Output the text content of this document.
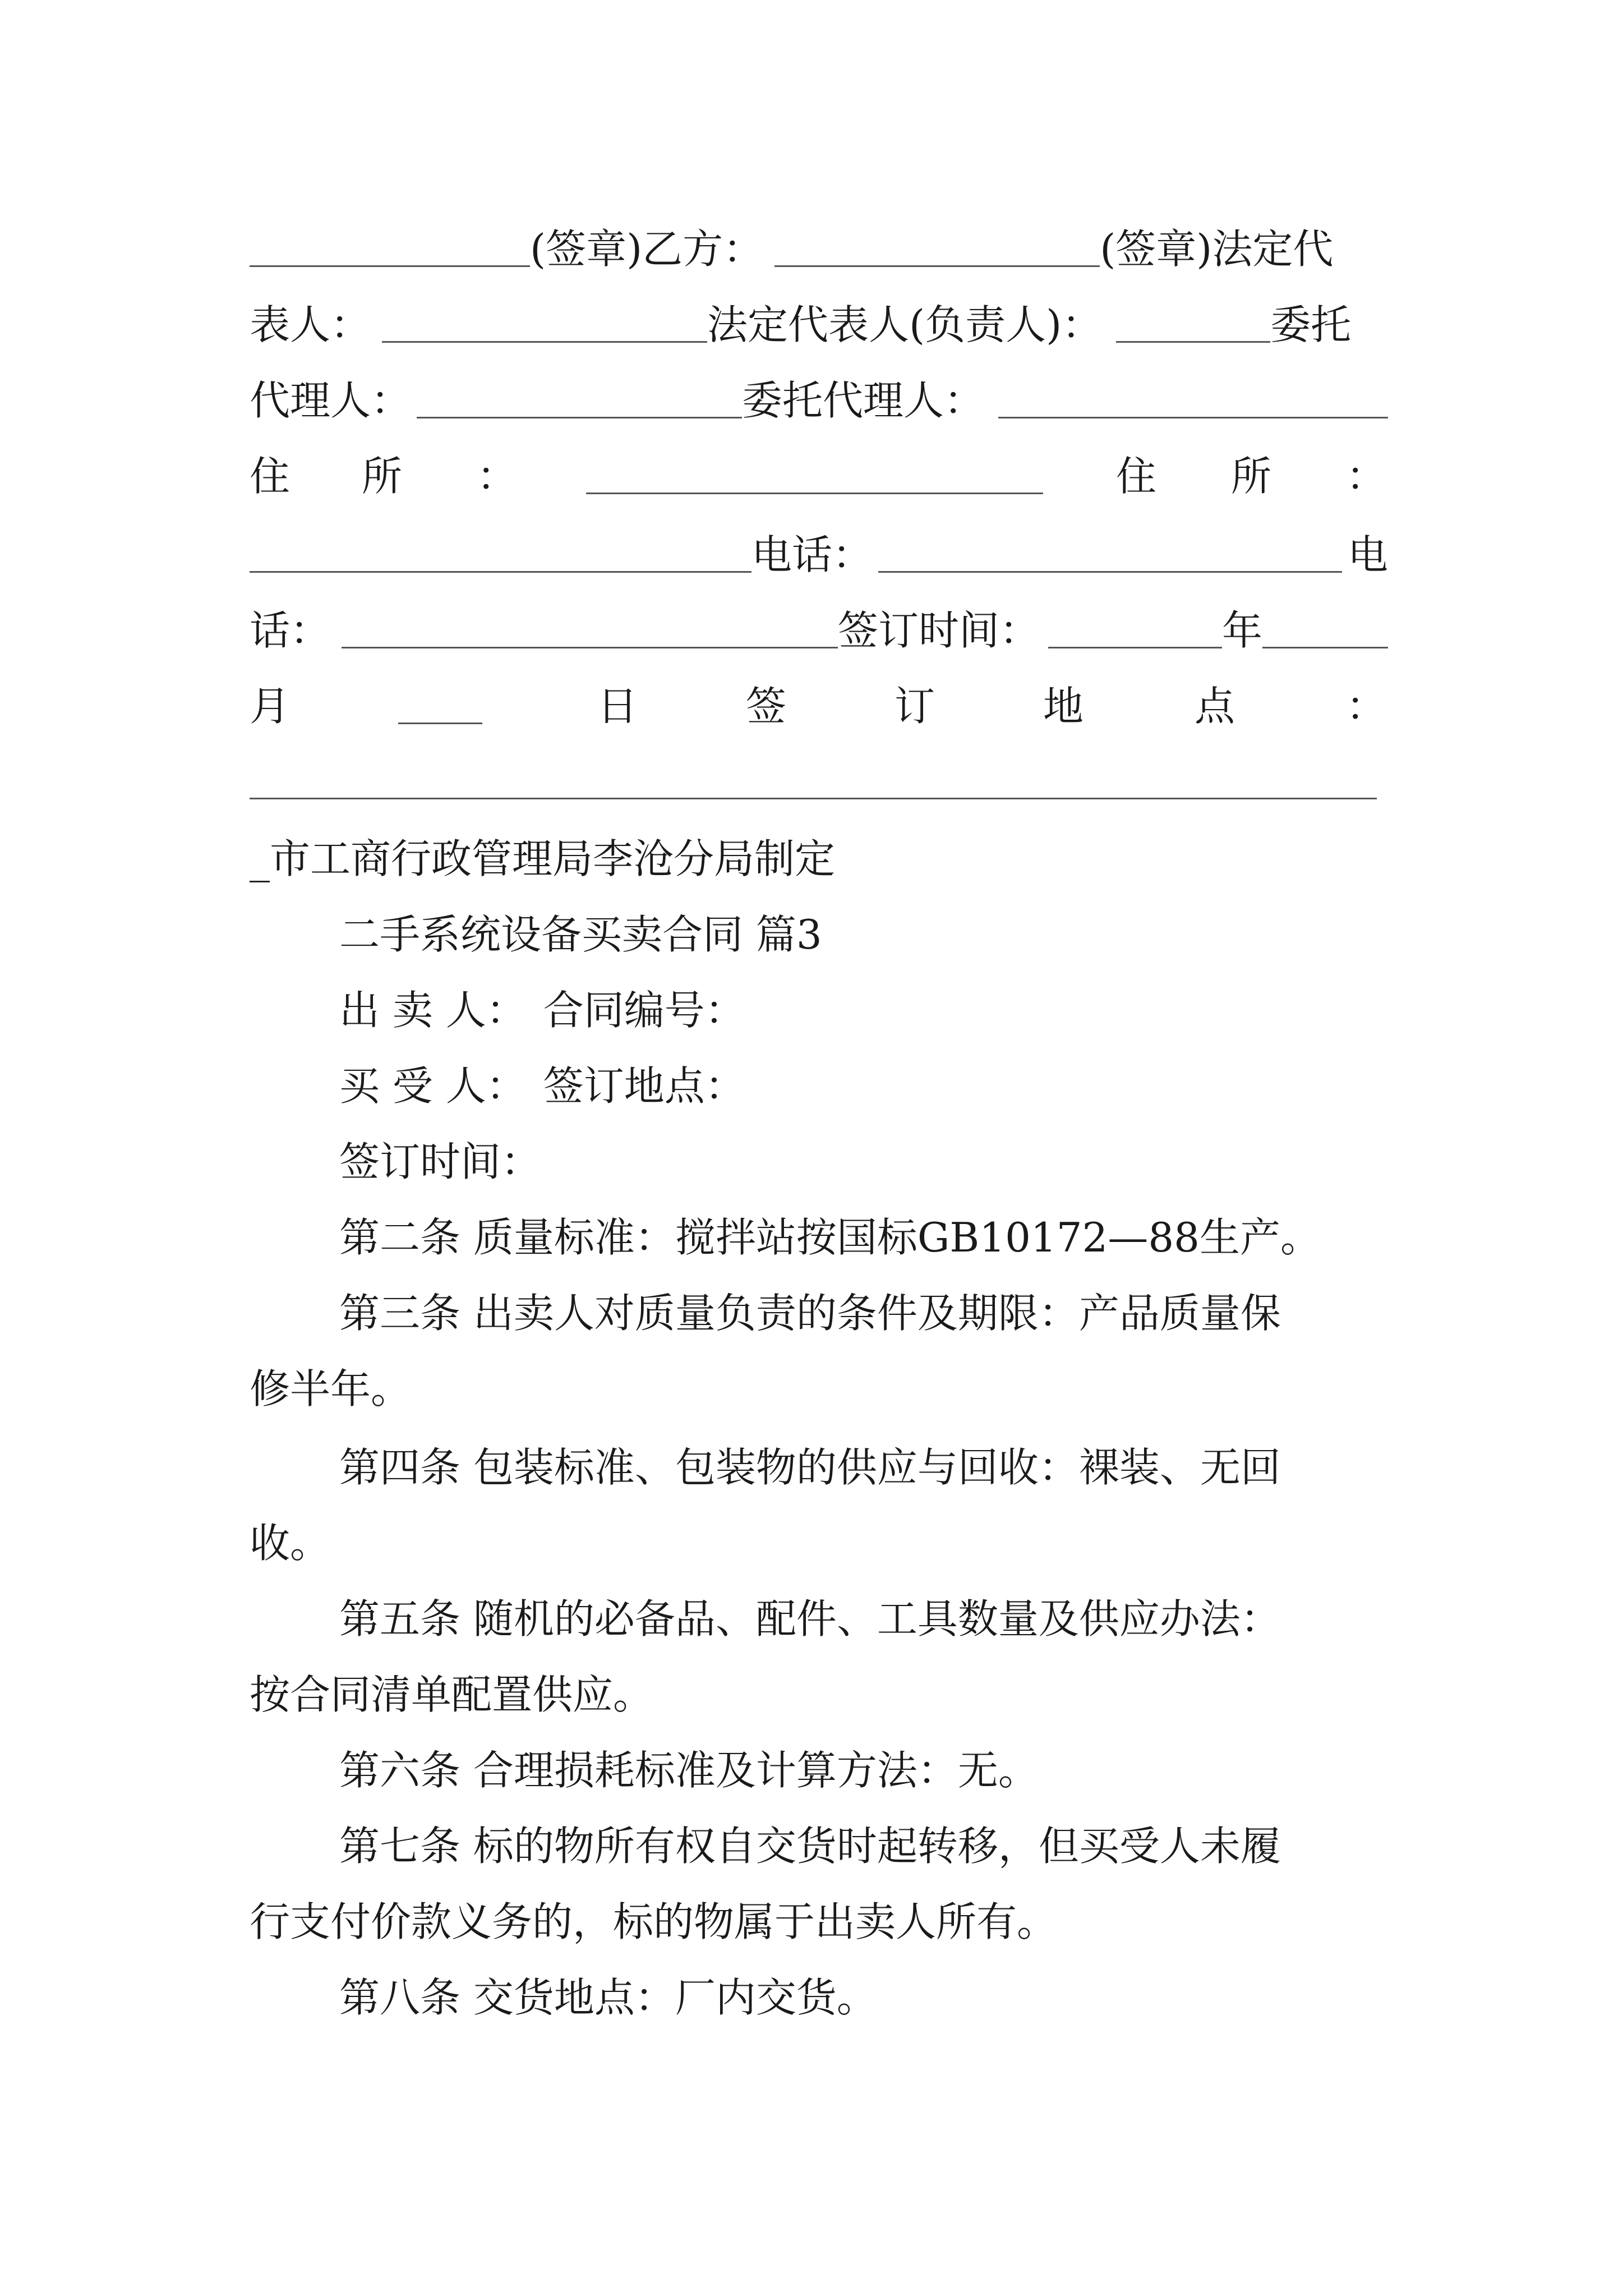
(签章)乙方：	(签章)法定代
表人：	法定代表人(负责人)：	委托
代理人：	委托代理人：
住 所 ：	住 所 ：
电话：	电
话：	签订时间：	年
月	日	签	订	地	点	：
_市工商行政管理局李沧分局制定
二手系统设备买卖合同 篇3
出 卖 人： 合同编号：
买 受 人： 签订地点：
签订时间：
第二条 质量标准：搅拌站按国标GB10172—88生产。
第三条 出卖人对质量负责的条件及期限：产品质量保
修半年。
第四条 包装标准、包装物的供应与回收：裸装、无回
收。
第五条 随机的必备品、配件、工具数量及供应办法：
按合同清单配置供应。
第六条 合理损耗标准及计算方法：无。
第七条 标的物所有权自交货时起转移，但买受人未履
行支付价款义务的，标的物属于出卖人所有。
第八条 交货地点：厂内交货。
